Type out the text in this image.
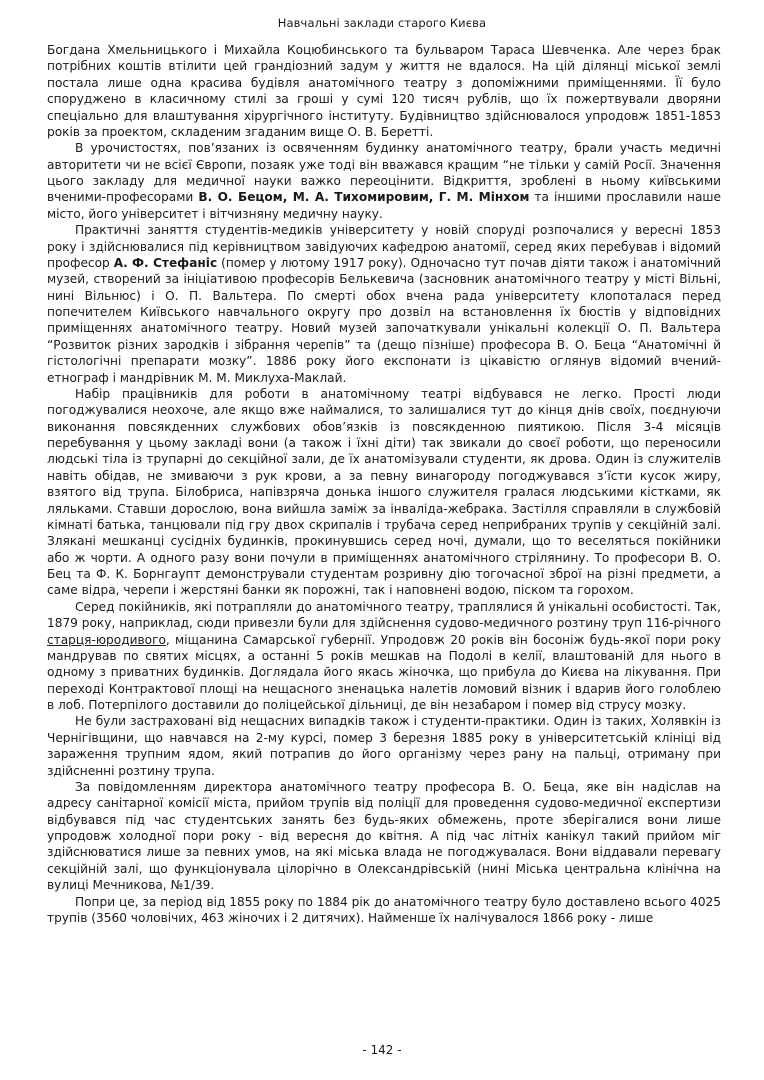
Навчальні заклади старого Києва

Богдана Хмельницького і Михайла Коцюбинського та бульваром Тараса Шевченка. Але через брак потрібних коштів втілити цей грандіозний задум у життя не вдалося. На цій ділянці міської землі постала лише одна красива будівля анатомічного театру з допоміжними приміщеннями. Її було споруджено в класичному стилі за гроші у сумі 120 тисяч рублів, що їх пожертвували дворяни спеціально для влаштування хірургічного інституту. Будівництво здійснювалося упродовж 1851-1853 років за проектом, складеним згаданим вище О. В. Беретті.

В урочистостях, пов’язаних із освяченням будинку анатомічного театру, брали участь медичні авторитети чи не всієї Європи, позаяк уже тоді він вважався кращим “не тільки у самій Росії. Значення цього закладу для медичної науки важко переоцінити. Відкриття, зроблені в ньому київськими вченими-професорами В. О. Бецом, М. А. Тихомировим, Г. М. Мінхом та іншими прославили наше місто, його університет і вітчизняну медичну науку.

Практичні заняття студентів-медиків університету у новій споруді розпочалися у вересні 1853 року і здійснювалися під керівництвом завідуючих кафедрою анатомії, серед яких перебував і відомий професор А. Ф. Стефаніс (помер у лютому 1917 року). Одночасно тут почав діяти також і анатомічний музей, створений за ініціативою професорів Белькевича (засновник анатомічного театру у місті Вільні, нині Вільнюс) і О. П. Вальтера. По смерті обох вчена рада університету клопоталася перед попечителем Київського навчального округу про дозвіл на встановлення їх бюстів у відповідних приміщеннях анатомічного театру. Новий музей започаткували унікальні колекції О. П. Вальтера “Розвиток різних зародків і зібрання черепів” та (дещо пізніше) професора В. О. Беца “Анатомічні й гістологічні препарати мозку”. 1886 року його експонати із цікавістю оглянув відомий вчений-етнограф і мандрівник М. М. Миклуха-Маклай.

Набір працівників для роботи в анатомічному театрі відбувався не легко. Прості люди погоджувалися неохоче, але якщо вже наймалися, то залишалися тут до кінця днів своїх, поєднуючи виконання повсякденних службових обов’язків із повсякденною пиятикою. Після 3-4 місяців перебування у цьому закладі вони (а також і їхні діти) так звикали до своєї роботи, що переносили людські тіла із трупарні до секційної зали, де їх анатомізували студенти, як дрова. Один із служителів навіть обідав, не змиваючи з рук крови, а за певну винагороду погоджувався з’їсти кусок жиру, взятого від трупа. Білобриса, напівзряча донька іншого служителя гралася людськими кістками, як ляльками. Ставши дорослою, вона вийшла заміж за інваліда-жебрака. Застілля справляли в службовій кімнаті батька, танцювали під гру двох скрипалів і трубача серед неприбраних трупів у секційній залі. Злякані мешканці сусідніх будинків, прокинувшись серед ночі, думали, що то веселяться покійники або ж чорти. А одного разу вони почули в приміщеннях анатомічного стрілянину. То професори В. О. Бец та Ф. К. Борнгаупт демонстрували студентам розривну дію тогочасної зброї на різні предмети, а саме відра, черепи і жерстяні банки як порожні, так і наповнені водою, піском та горохом.

Серед покійників, які потрапляли до анатомічного театру, траплялися й унікальні особистості. Так, 1879 року, наприклад, сюди привезли були для здійснення судово-медичного розтину труп 116-річного старця-юродивого, міщанина Самарської губернії. Упродовж 20 років він босоніж будь-якої пори року мандрував по святих місцях, а останні 5 років мешкав на Подолі в келії, влаштованій для нього в одному з приватних будинків. Доглядала його якась жіночка, що прибула до Києва на лікування. При переході Контрактової площі на нещасного зненацька налетів ломовий візник і вдарив його голоблею в лоб. Потерпілого доставили до поліцейської дільниці, де він незабаром і помер від струсу мозку.

Не були застраховані від нещасних випадків також і студенти-практики. Один із таких, Холявкін із Чернігівщини, що навчався на 2-му курсі, помер 3 березня 1885 року в університетській клініці від зараження трупним ядом, який потрапив до його організму через рану на пальці, отриману при здійсненні розтину трупа.

За повідомленням директора анатомічного театру професора В. О. Беца, яке він надіслав на адресу санітарної комісії міста, прийом трупів від поліції для проведення судово-медичної експертизи відбувався під час студентських занять без будь-яких обмежень, проте зберігалися вони лише упродовж холодної пори року - від вересня до квітня. А під час літніх канікул такий прийом міг здійснюватися лише за певних умов, на які міська влада не погоджувалася. Вони віддавали перевагу секційній залі, що функціонувала цілорічно в Олександрівській (нині Міська центральна клінічна на вулиці Мечникова, №1/39.

Попри це, за період від 1855 року по 1884 рік до анатомічного театру було доставлено всього 4025 трупів (3560 чоловічих, 463 жіночих і 2 дитячих). Найменше їх налічувалося 1866 року - лише

- 142 -
